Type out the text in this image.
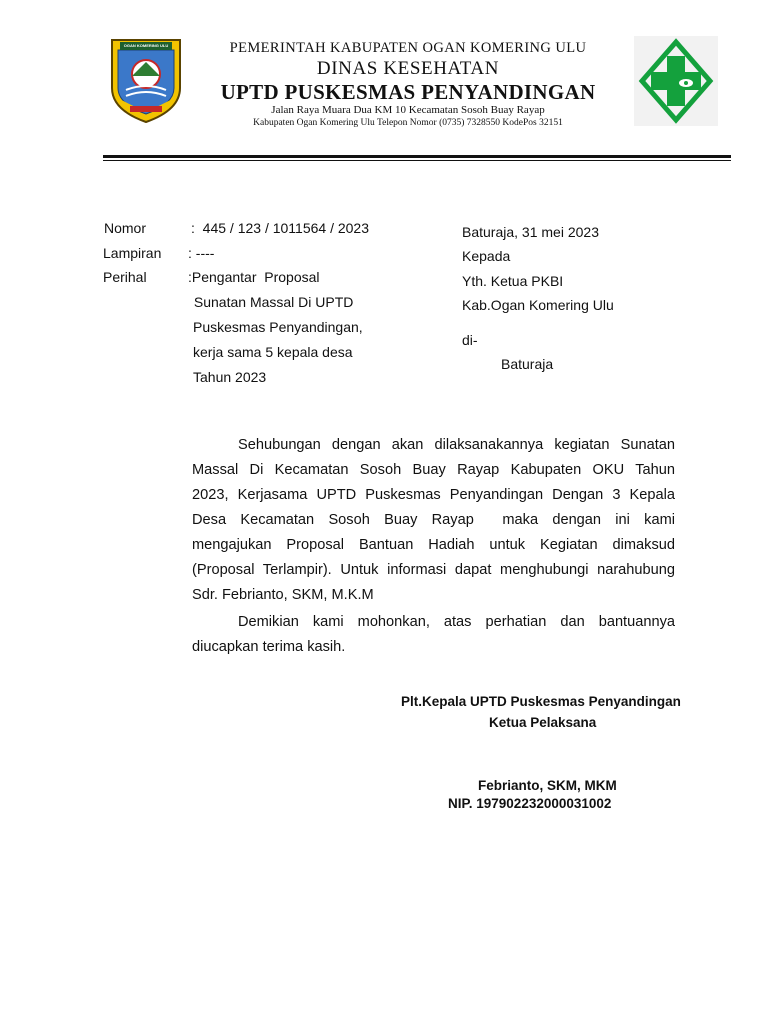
OGAN KOMERING ULU	PEMERINTAH KABUPATEN OGAN KOMERING ULU
DINAS KESEHATAN
UPTD PUSKESMAS PENYANDINGAN
Jalan Raya Muara Dua KM 10 Kecamatan Sosoh Buay Rayap
Kabupaten Ogan Komering Ulu Telepon Nomor (0735) 7328550 KodePos 32151
Nomor	:  445 / 123 / 1011564 / 2023
Lampiran : ----
Perihal	:Pengantar  Proposal
Sunatan Massal Di UPTD
Puskesmas Penyandingan,
kerja sama 5 kepala desa
Tahun 2023
Baturaja, 31 mei 2023
Kepada
Yth. Ketua PKBI
Kab.Ogan Komering Ulu
di-
Baturaja
Sehubungan dengan akan dilaksanakannya kegiatan Sunatan
Massal Di Kecamatan Sosoh Buay Rayap Kabupaten OKU Tahun
2023, Kerjasama UPTD Puskesmas Penyandingan Dengan 3 Kepala
Desa Kecamatan Sosoh Buay Rayap  maka dengan ini kami
mengajukan Proposal Bantuan Hadiah untuk Kegiatan dimaksud
(Proposal Terlampir). Untuk informasi dapat menghubungi narahubung
Sdr. Febrianto, SKM, M.K.M
Demikian kami mohonkan, atas perhatian dan bantuannya
diucapkan terima kasih.
Plt.Kepala UPTD Puskesmas Penyandingan
Ketua Pelaksana
Febrianto, SKM, MKM
NIP. 197902232000031002
